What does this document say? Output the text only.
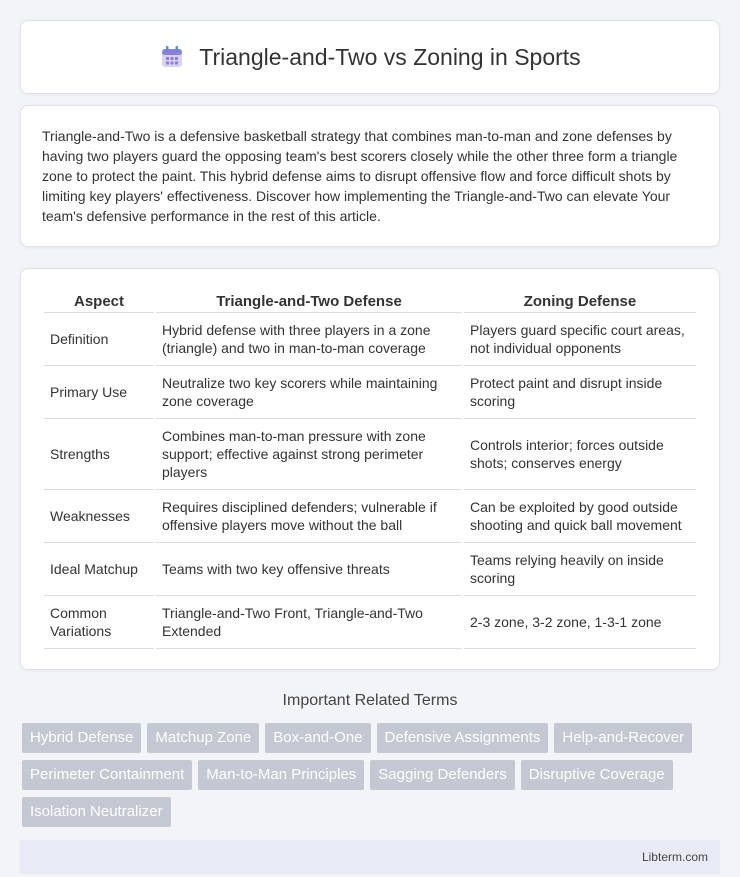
Triangle-and-Two vs Zoning in Sports

Triangle-and-Two is a defensive basketball strategy that combines man-to-man and zone defenses by having two players guard the opposing team's best scorers closely while the other three form a triangle zone to protect the paint. This hybrid defense aims to disrupt offensive flow and force difficult shots by limiting key players' effectiveness. Discover how implementing the Triangle-and-Two can elevate Your team's defensive performance in the rest of this article.

Aspect	Triangle-and-Two Defense	Zoning Defense
Definition	Hybrid defense with three players in a zone (triangle) and two in man-to-man coverage	Players guard specific court areas, not individual opponents
Primary Use	Neutralize two key scorers while maintaining zone coverage	Protect paint and disrupt inside scoring
Strengths	Combines man-to-man pressure with zone support; effective against strong perimeter players	Controls interior; forces outside shots; conserves energy
Weaknesses	Requires disciplined defenders; vulnerable if offensive players move without the ball	Can be exploited by good outside shooting and quick ball movement
Ideal Matchup	Teams with two key offensive threats	Teams relying heavily on inside scoring
Common Variations	Triangle-and-Two Front, Triangle-and-Two Extended	2-3 zone, 3-2 zone, 1-3-1 zone
Important Related Terms
Hybrid Defense	Matchup Zone	Box-and-One	Defensive Assignments	Help-and-Recover
Perimeter Containment	Man-to-Man Principles	Sagging Defenders	Disruptive Coverage
Isolation Neutralizer
Libterm.com
